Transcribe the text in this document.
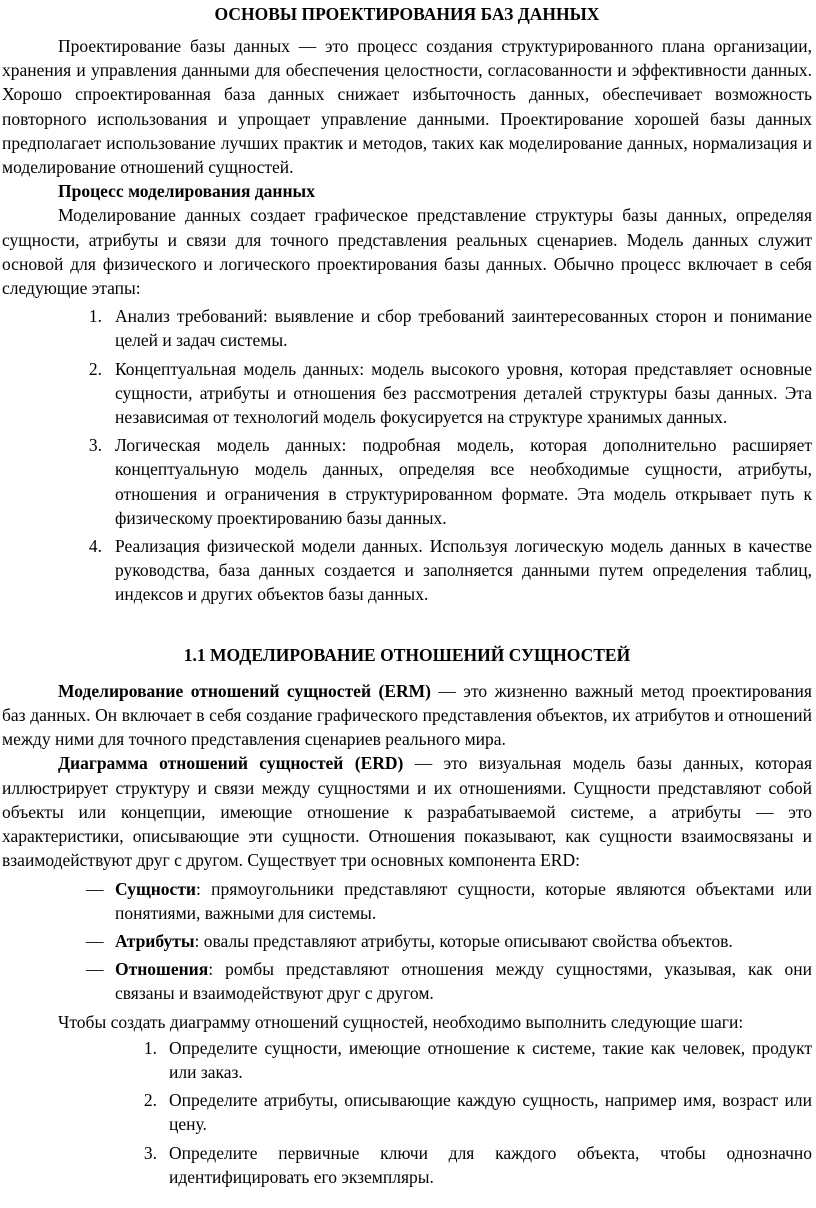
ОСНОВЫ ПРОЕКТИРОВАНИЯ БАЗ ДАННЫХ

Проектирование базы данных — это процесс создания структурированного плана организации, хранения и управления данными для обеспечения целостности, согласованности и эффективности данных. Хорошо спроектированная база данных снижает избыточность данных, обеспечивает возможность повторного использования и упрощает управление данными. Проектирование хорошей базы данных предполагает использование лучших практик и методов, таких как моделирование данных, нормализация и моделирование отношений сущностей.

Процесс моделирования данных

Моделирование данных создает графическое представление структуры базы данных, определяя сущности, атрибуты и связи для точного представления реальных сценариев. Модель данных служит основой для физического и логического проектирования базы данных. Обычно процесс включает в себя следующие этапы:

1. Анализ требований: выявление и сбор требований заинтересованных сторон и понимание целей и задач системы.
2. Концептуальная модель данных: модель высокого уровня, которая представляет основные сущности, атрибуты и отношения без рассмотрения деталей структуры базы данных. Эта независимая от технологий модель фокусируется на структуре хранимых данных.
3. Логическая модель данных: подробная модель, которая дополнительно расширяет концептуальную модель данных, определяя все необходимые сущности, атрибуты, отношения и ограничения в структурированном формате. Эта модель открывает путь к физическому проектированию базы данных.
4. Реализация физической модели данных. Используя логическую модель данных в качестве руководства, база данных создается и заполняется данными путем определения таблиц, индексов и других объектов базы данных.
1.1 МОДЕЛИРОВАНИЕ ОТНОШЕНИЙ СУЩНОСТЕЙ

Моделирование отношений сущностей (ERM) — это жизненно важный метод проектирования баз данных. Он включает в себя создание графического представления объектов, их атрибутов и отношений между ними для точного представления сценариев реального мира.

Диаграмма отношений сущностей (ERD) — это визуальная модель базы данных, которая иллюстрирует структуру и связи между сущностями и их отношениями. Сущности представляют собой объекты или концепции, имеющие отношение к разрабатываемой системе, а атрибуты — это характеристики, описывающие эти сущности. Отношения показывают, как сущности взаимосвязаны и взаимодействуют друг с другом. Существует три основных компонента ERD:

— Сущности: прямоугольники представляют сущности, которые являются объектами или понятиями, важными для системы.
— Атрибуты: овалы представляют атрибуты, которые описывают свойства объектов.
— Отношения: ромбы представляют отношения между сущностями, указывая, как они связаны и взаимодействуют друг с другом.

Чтобы создать диаграмму отношений сущностей, необходимо выполнить следующие шаги:

1. Определите сущности, имеющие отношение к системе, такие как человек, продукт или заказ.
2. Определите атрибуты, описывающие каждую сущность, например имя, возраст или цену.
3. Определите первичные ключи для каждого объекта, чтобы однозначно идентифицировать его экземпляры.
